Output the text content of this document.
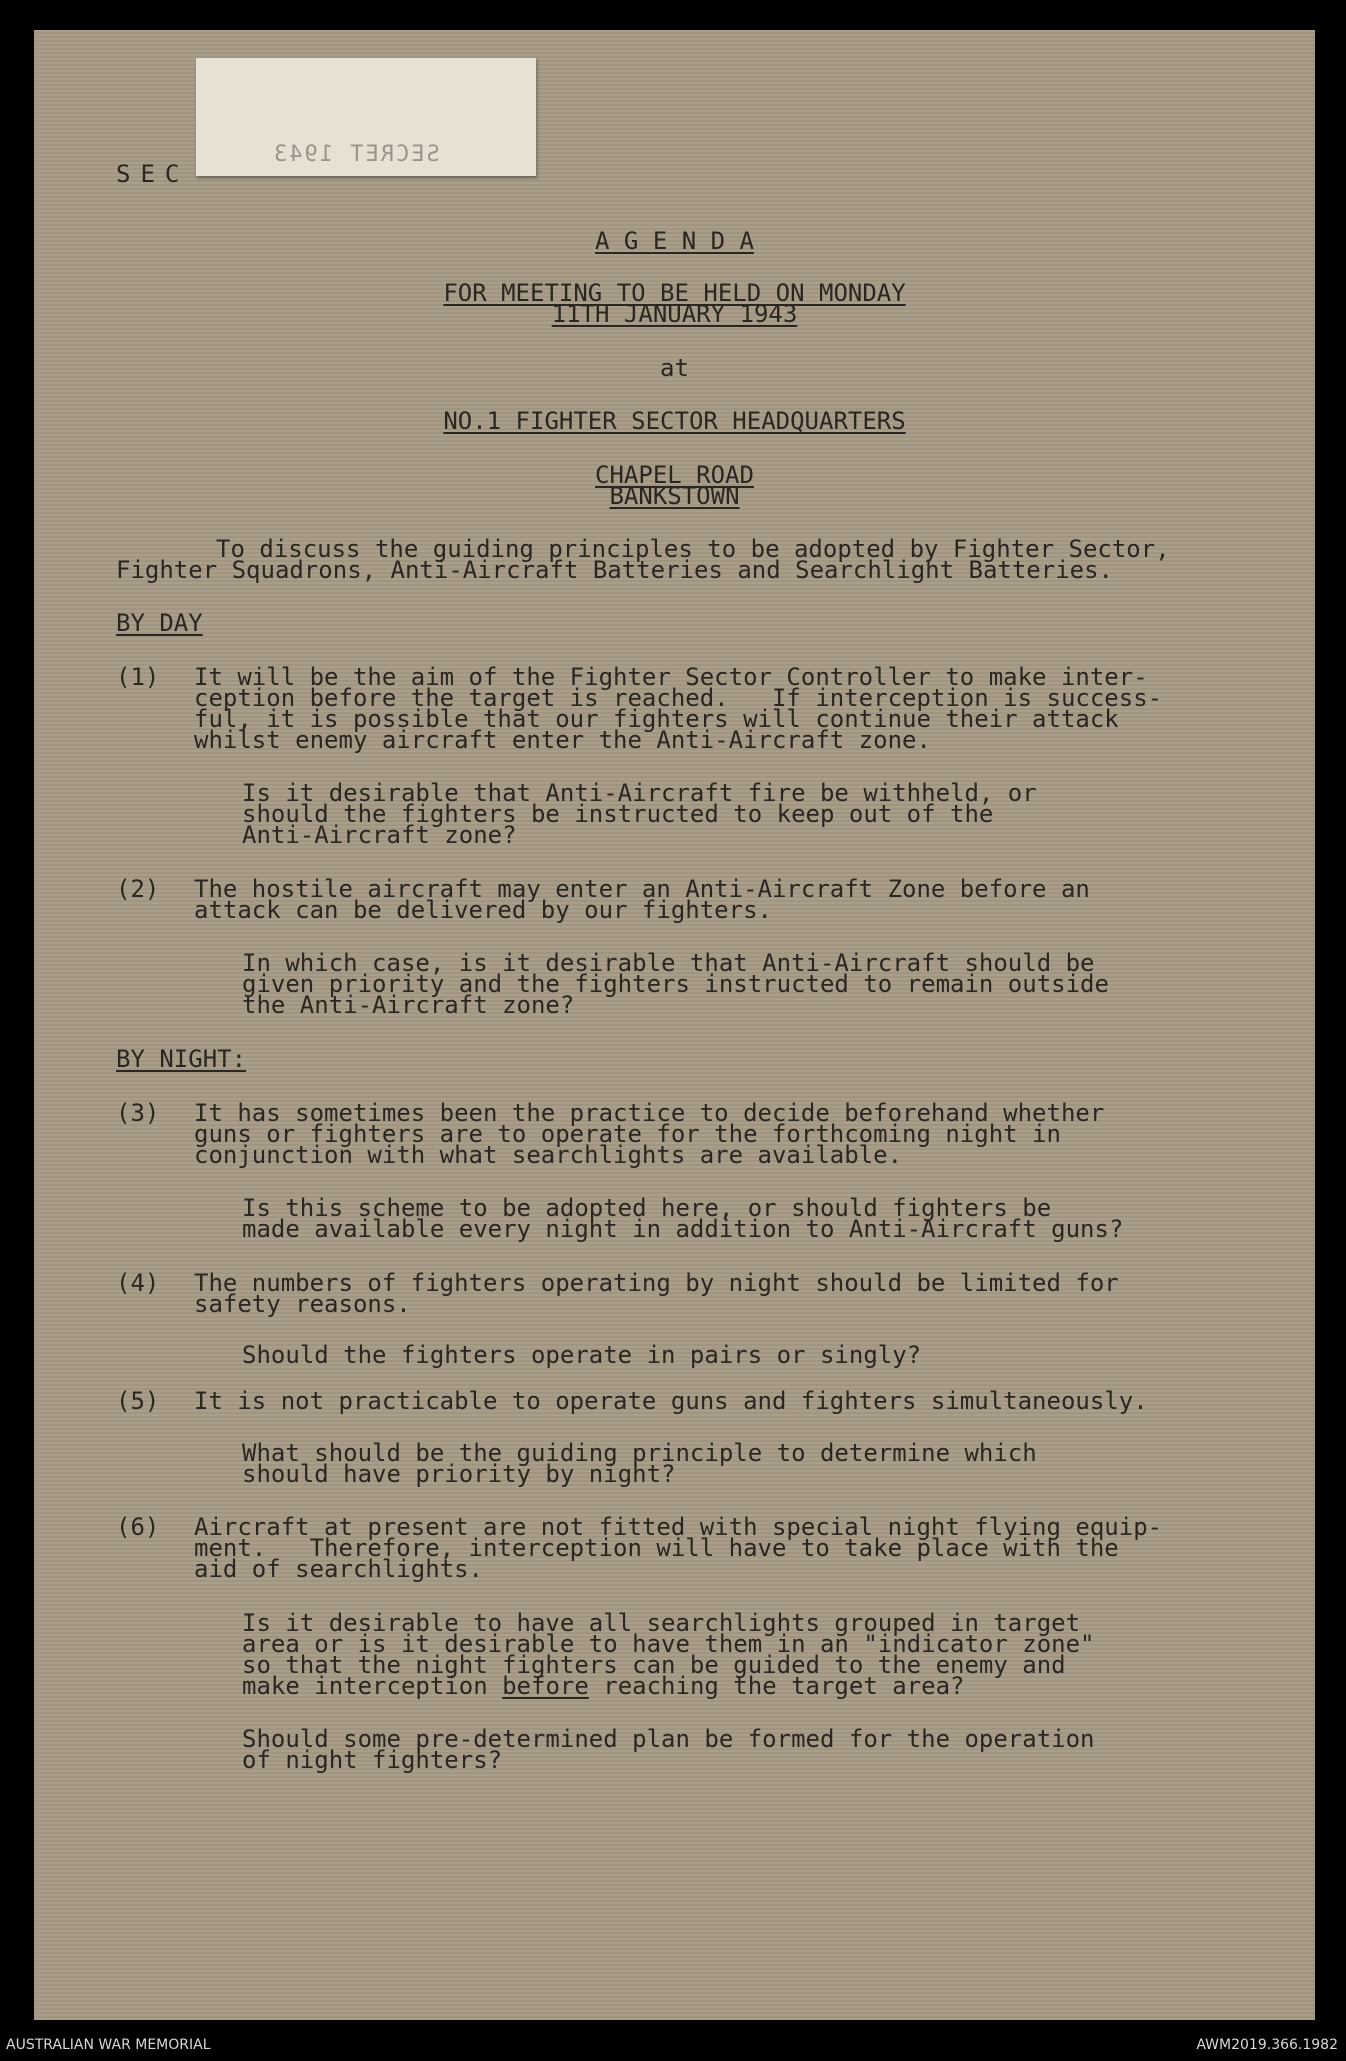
SECRET 1943
SEC
A G E N D A
FOR MEETING TO BE HELD ON MONDAY
11TH JANUARY 1943
at
NO.1 FIGHTER SECTOR HEADQUARTERS
CHAPEL ROAD
BANKSTOWN
To discuss the guiding principles to be adopted by Fighter Sector,
Fighter Squadrons, Anti-Aircraft Batteries and Searchlight Batteries.
BY DAY
(1) It will be the aim of the Fighter Sector Controller to make inter-
ception before the target is reached.   If interception is success-
ful, it is possible that our fighters will continue their attack
whilst enemy aircraft enter the Anti-Aircraft zone.
Is it desirable that Anti-Aircraft fire be withheld, or
should the fighters be instructed to keep out of the
Anti-Aircraft zone?
(2) The hostile aircraft may enter an Anti-Aircraft Zone before an
attack can be delivered by our fighters.
In which case, is it desirable that Anti-Aircraft should be
given priority and the fighters instructed to remain outside
the Anti-Aircraft zone?
BY NIGHT:
(3) It has sometimes been the practice to decide beforehand whether
guns or fighters are to operate for the forthcoming night in
conjunction with what searchlights are available.
Is this scheme to be adopted here, or should fighters be
made available every night in addition to Anti-Aircraft guns?
(4) The numbers of fighters operating by night should be limited for
safety reasons.
Should the fighters operate in pairs or singly?
(5) It is not practicable to operate guns and fighters simultaneously.
What should be the guiding principle to determine which
should have priority by night?
(6) Aircraft at present are not fitted with special night flying equip-
ment.   Therefore, interception will have to take place with the
aid of searchlights.
Is it desirable to have all searchlights grouped in target
area or is it desirable to have them in an "indicator zone"
so that the night fighters can be guided to the enemy and
make interception before reaching the target area?
Should some pre-determined plan be formed for the operation
of night fighters?
AUSTRALIAN WAR MEMORIAL	AWM2019.366.1982
